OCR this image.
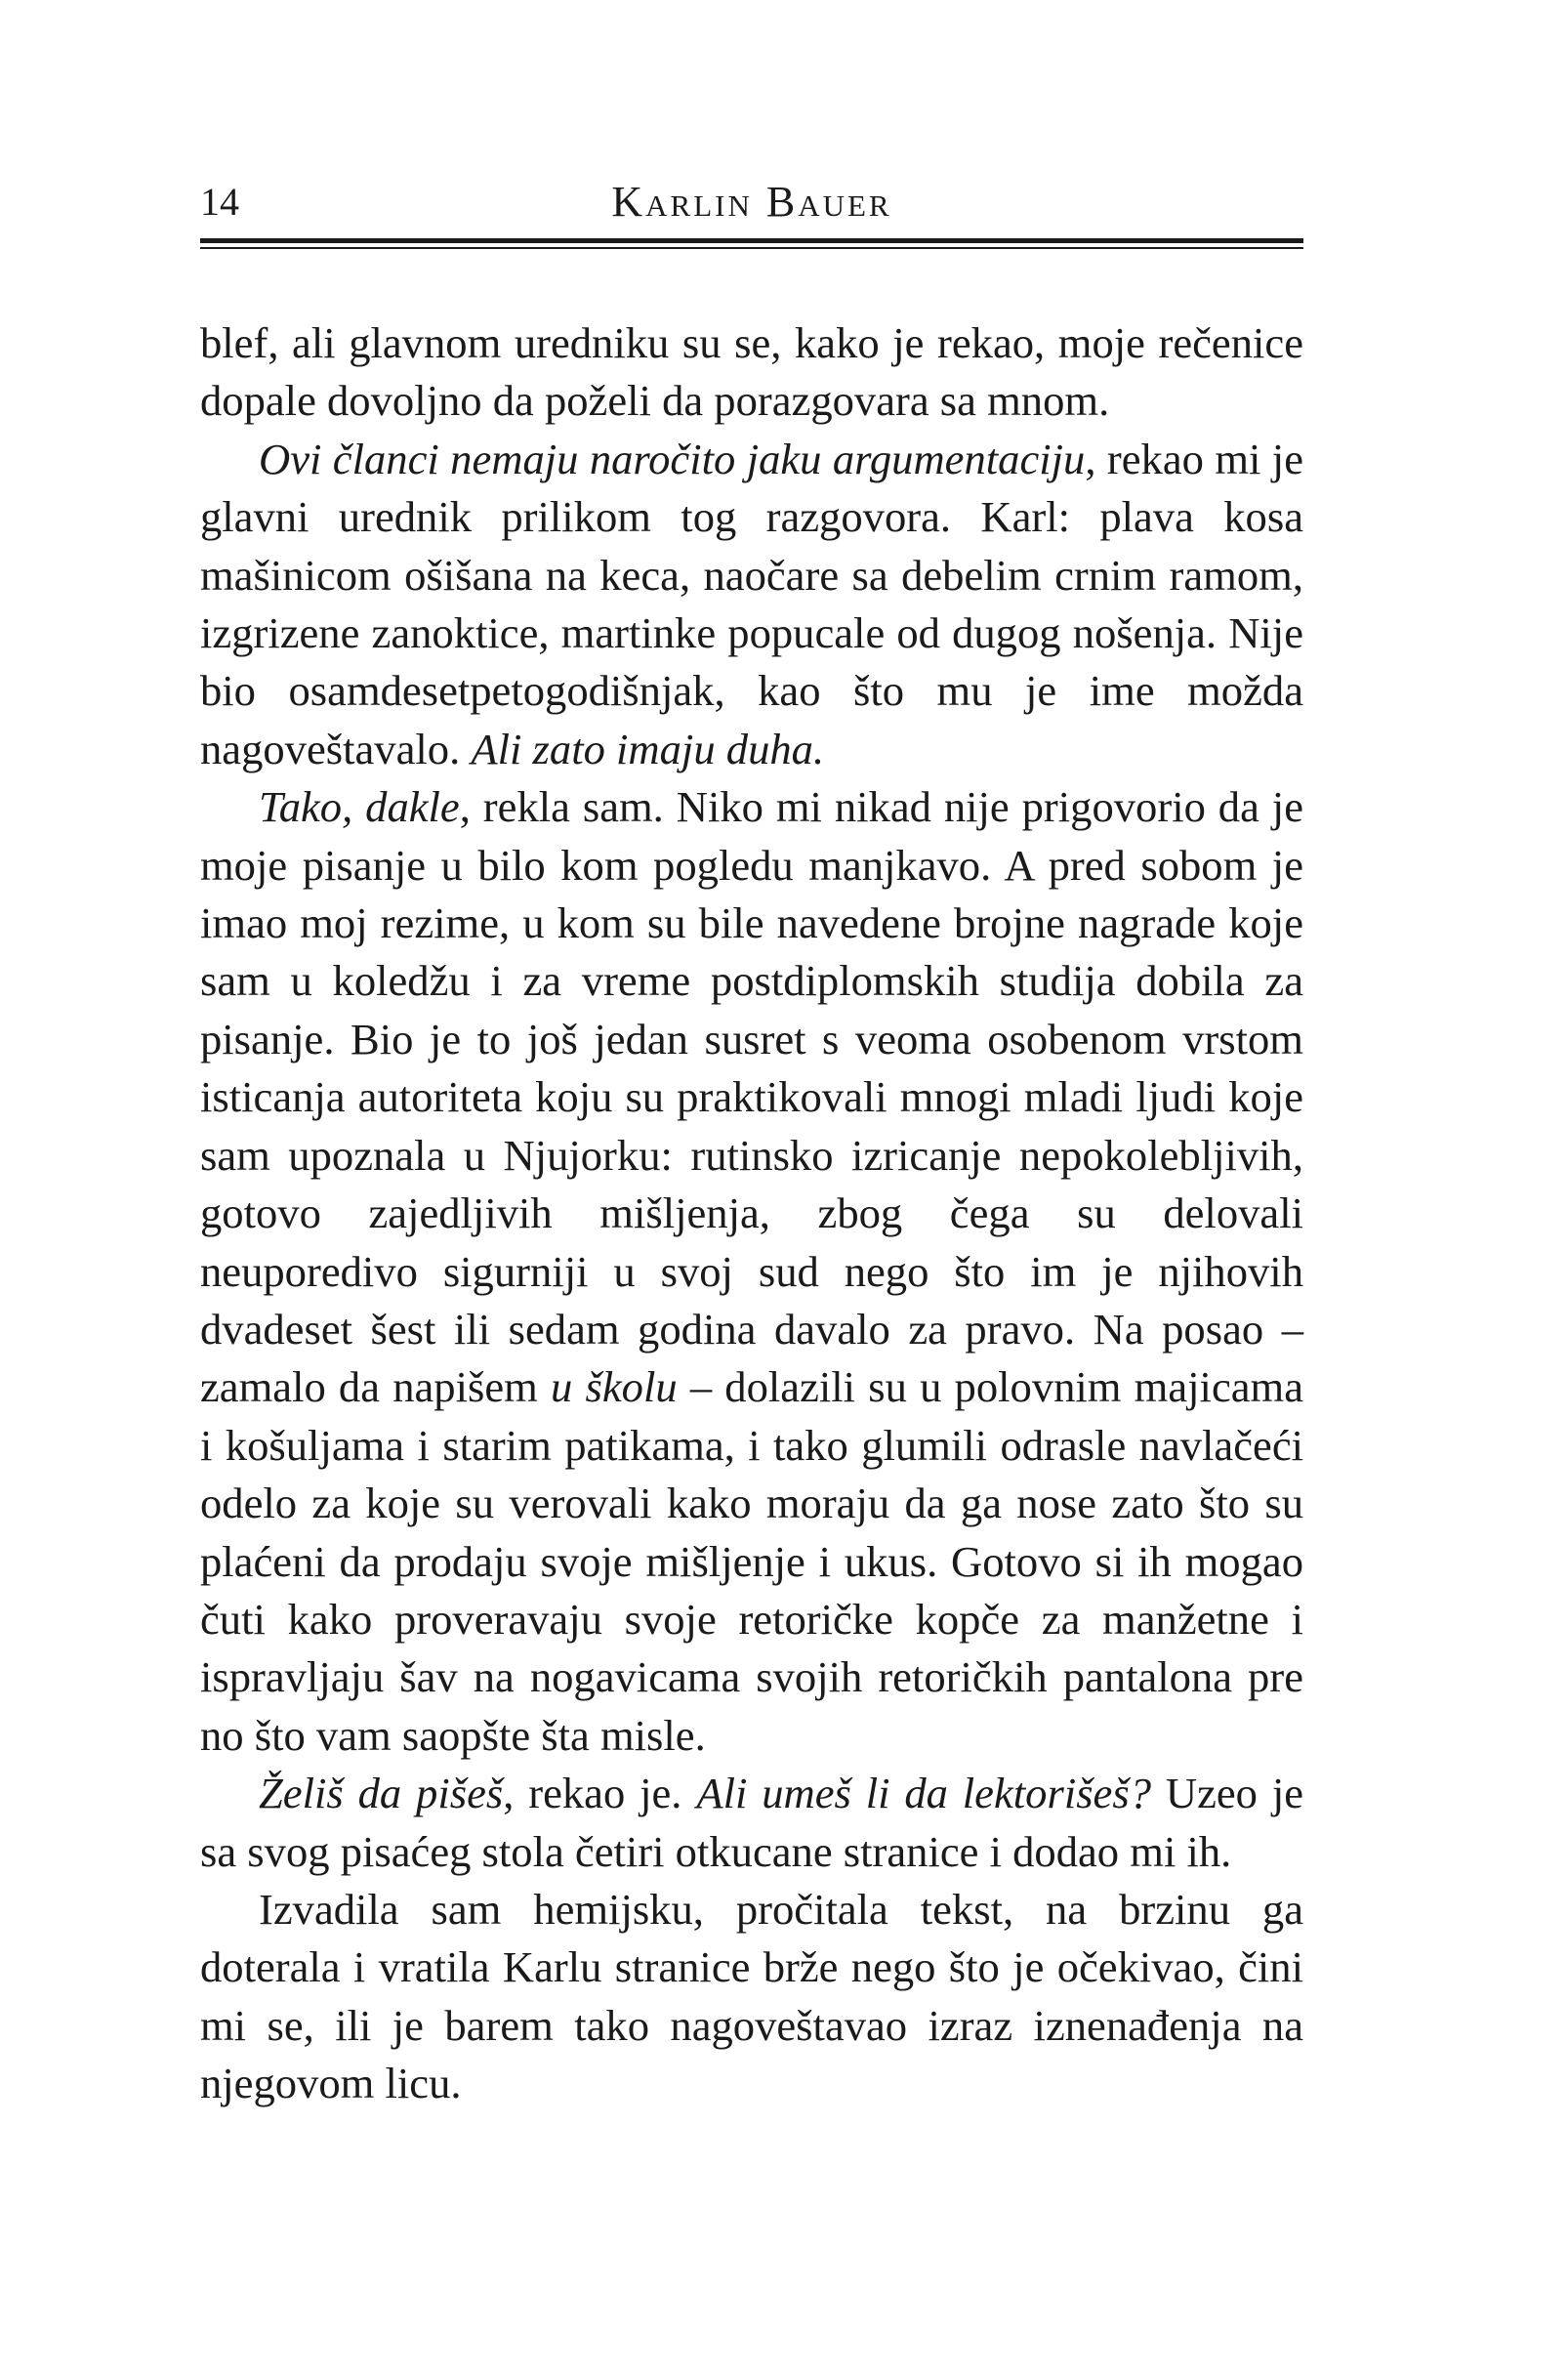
14	Karlin Bauer

blef, ali glavnom uredniku su se, kako je rekao, moje rečenice dopale dovoljno da poželi da porazgovara sa mnom.

Ovi članci nemaju naročito jaku argumentaciju, rekao mi je glavni urednik prilikom tog razgovora. Karl: plava kosa mašinicom ošišana na keca, naočare sa debelim crnim ramom, izgrizene zanoktice, martinke popucale od dugog nošenja. Nije bio osamdesetpetogodišnjak, kao što mu je ime možda nagoveštavalo. Ali zato imaju duha.

Tako, dakle, rekla sam. Niko mi nikad nije prigovorio da je moje pisanje u bilo kom pogledu manjkavo. A pred sobom je imao moj rezime, u kom su bile navedene brojne nagrade koje sam u koledžu i za vreme postdiplomskih studija dobila za pisanje. Bio je to još jedan susret s veoma osobenom vrstom isticanja autoriteta koju su praktikovali mnogi mladi ljudi koje sam upoznala u Njujorku: rutinsko izricanje nepokolebljivih, gotovo zajedljivih mišljenja, zbog čega su delovali neuporedivo sigurniji u svoj sud nego što im je njihovih dvadeset šest ili sedam godina davalo za pravo. Na posao – zamalo da napišem u školu – dolazili su u polovnim majicama i košuljama i starim patikama, i tako glumili odrasle navlačeći odelo za koje su verovali kako moraju da ga nose zato što su plaćeni da prodaju svoje mišljenje i ukus. Gotovo si ih mogao čuti kako proveravaju svoje retoričke kopče za manžetne i ispravljaju šav na nogavicama svojih retoričkih pantalona pre no što vam saopšte šta misle.

Želiš da pišeš, rekao je. Ali umeš li da lektorišeš? Uzeo je sa svog pisaćeg stola četiri otkucane stranice i dodao mi ih.

Izvadila sam hemijsku, pročitala tekst, na brzinu ga doterala i vratila Karlu stranice brže nego što je očekivao, čini mi se, ili je barem tako nagoveštavao izraz iznenađenja na njegovom licu.
